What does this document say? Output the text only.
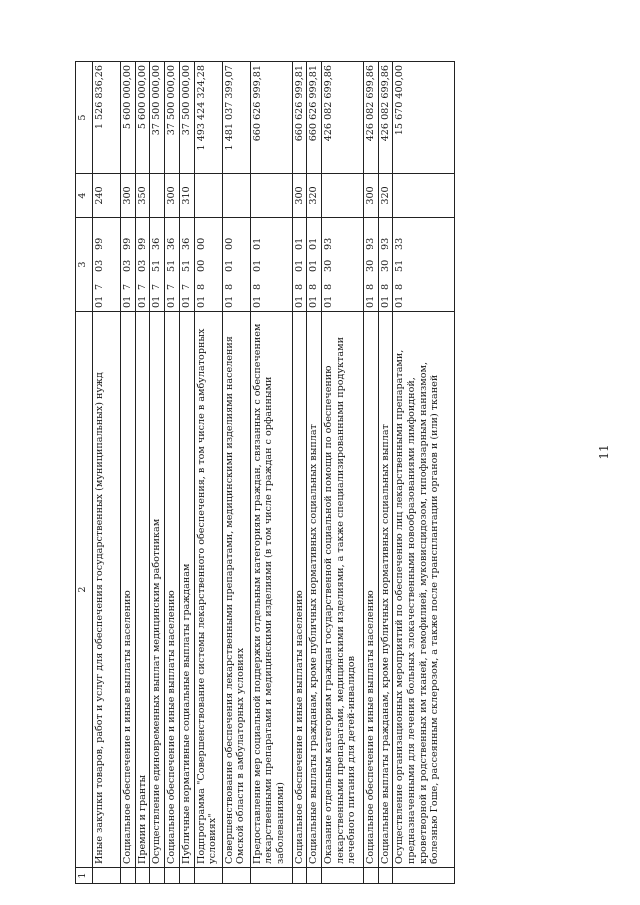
11
1	2	3	4	5
	Иные закупки товаров, работ и услуг для обеспечения государственных (муниципальных) нужд	0170399	240	1 526 836,26
	Социальное обеспечение и иные выплаты населению	0170399	300	5 600 000,00
	Премии и гранты	0170399	350	5 600 000,00
	Осуществление единовременных выплат медицинским работникам	0175136		37 500 000,00
	Социальное обеспечение и иные выплаты населению	0175136	300	37 500 000,00
	Публичные нормативные социальные выплаты гражданам	0175136	310	37 500 000,00
	Подпрограмма "Совершенствование системы лекарственного обеспечения, в том числе в амбулаторных условиях"	0180000		1 493 424 324,28
	Совершенствование обеспечения лекарственными препаратами, медицинскими изделиями населения Омской области в амбулаторных условиях	0180100		1 481 037 399,07
	Предоставление мер социальной поддержки отдельным категориям граждан, связанных с обеспечением лекарственными препаратами и медицинскими изделиями (в том числе граждан с орфанными заболеваниями)	0180101		660 626 999,81
	Социальное обеспечение и иные выплаты населению	0180101	300	660 626 999,81
	Социальные выплаты гражданам, кроме публичных нормативных социальных выплат	0180101	320	660 626 999,81
	Оказание отдельным категориям граждан государственной социальной помощи по обеспечению лекарственными препаратами, медицинскими изделиями, а также специализированными продуктами лечебного питания для детей-инвалидов	0183093		426 082 699,86
	Социальное обеспечение и иные выплаты населению	0183093	300	426 082 699,86
	Социальные выплаты гражданам, кроме публичных нормативных социальных выплат	0183093	320	426 082 699,86
	Осуществление организационных мероприятий по обеспечению лиц лекарственными препаратами, предназначенными для лечения больных злокачественными новообразованиями лимфоидной, кроветворной и родственных им тканей, гемофилией, муковисцидозом, гипофизарным нанизмом, болезнью Гоше, рассеянным склерозом, а также после трансплантации органов и (или) тканей	0185133		15 670 400,00
